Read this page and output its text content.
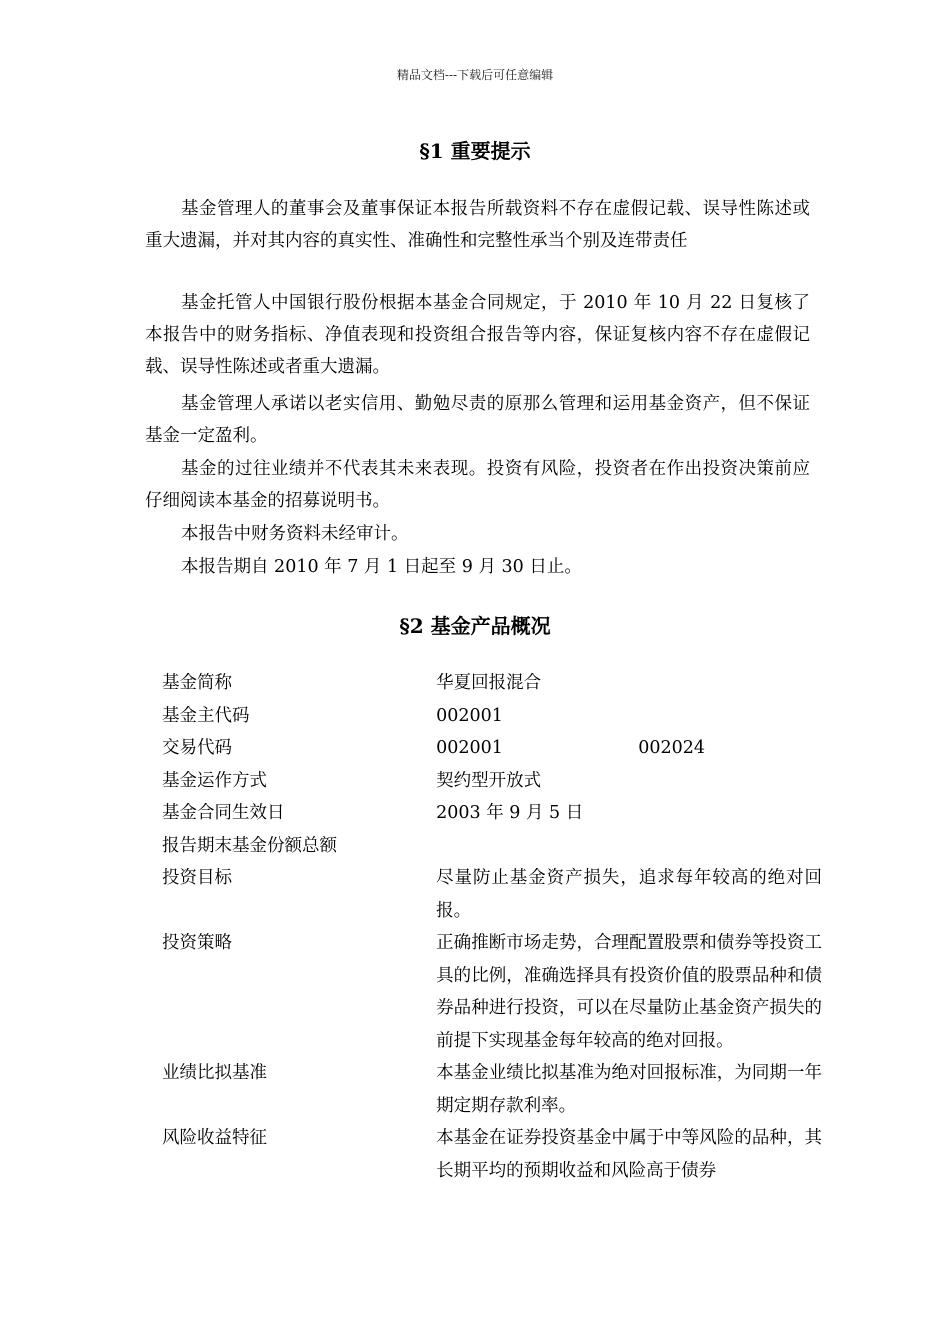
精品文档---下载后可任意编辑
§1 重要提示

基金管理人的董事会及董事保证本报告所载资料不存在虚假记载、误导性陈述或重大遗漏，并对其内容的真实性、准确性和完整性承当个别及连带责任

基金托管人中国银行股份根据本基金合同规定，于 2010 年 10 月 22 日复核了本报告中的财务指标、净值表现和投资组合报告等内容，保证复核内容不存在虚假记载、误导性陈述或者重大遗漏。

基金管理人承诺以老实信用、勤勉尽责的原那么管理和运用基金资产，但不保证基金一定盈利。

基金的过往业绩并不代表其未来表现。投资有风险，投资者在作出投资决策前应仔细阅读本基金的招募说明书。

本报告中财务资料未经审计。

本报告期自 2010 年 7 月 1 日起至 9 月 30 日止。

§2 基金产品概况
基金简称	华夏回报混合	
基金主代码	002001	
交易代码	002001	002024
基金运作方式	契约型开放式	
基金合同生效日	2003 年 9 月 5 日	
报告期末基金份额总额		
投资目标	尽量防止基金资产损失，追求每年较高的绝对回报。	
投资策略	正确推断市场走势，合理配置股票和债券等投资工具的比例，准确选择具有投资价值的股票品种和债券品种进行投资，可以在尽量防止基金资产损失的前提下实现基金每年较高的绝对回报。	
业绩比拟基准	本基金业绩比拟基准为绝对回报标准，为同期一年期定期存款利率。	
风险收益特征	本基金在证券投资基金中属于中等风险的品种，其长期平均的预期收益和风险高于债券	
